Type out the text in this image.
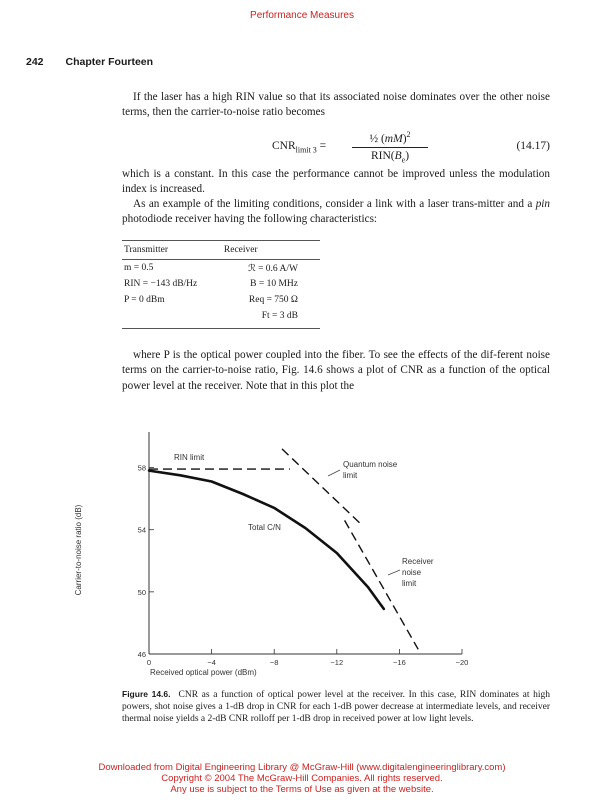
Performance Measures
242 Chapter Fourteen

If the laser has a high RIN value so that its associated noise dominates over the other noise terms, then the carrier-to-noise ratio becomes

$CNR_{limit 3}$ =
½ (mM)$^2$
$RIN(B_e)$
(14.17)

which is a constant. In this case the performance cannot be improved unless the modulation index is increased.

As an example of the limiting conditions, consider a link with a laser trans-mitter and a pin photodiode receiver having the following characteristics:

Transmitter	Receiver
m = 0.5	ℛ = 0.6 A/W
RIN = −143 dB/Hz	B = 10 MHz
P = 0 dBm	Req = 750 Ω
	Ft = 3 dB

where P is the optical power coupled into the fiber. To see the effects of the dif-ferent noise terms on the carrier-to-noise ratio, Fig. 14.6 shows a plot of CNR as a function of the optical power level at the receiver. Note that in this plot the

0	−4	−8	−12	−16	−20
46
50
54
58
RIN limit
Quantum noise
limit
Total C/N
Receiver
noise
limit
Received optical power (dBm)
Carrier-to-noise ratio (dB)
Figure 14.6. CNR as a function of optical power level at the receiver. In this case, RIN dominates at high powers, shot noise gives a 1-dB drop in CNR for each 1-dB power decrease at intermediate levels, and receiver thermal noise yields a 2-dB CNR rolloff per 1-dB drop in received power at low light levels.
Downloaded from Digital Engineering Library @ McGraw-Hill (www.digitalengineeringlibrary.com)
Copyright © 2004 The McGraw-Hill Companies. All rights reserved.
Any use is subject to the Terms of Use as given at the website.
